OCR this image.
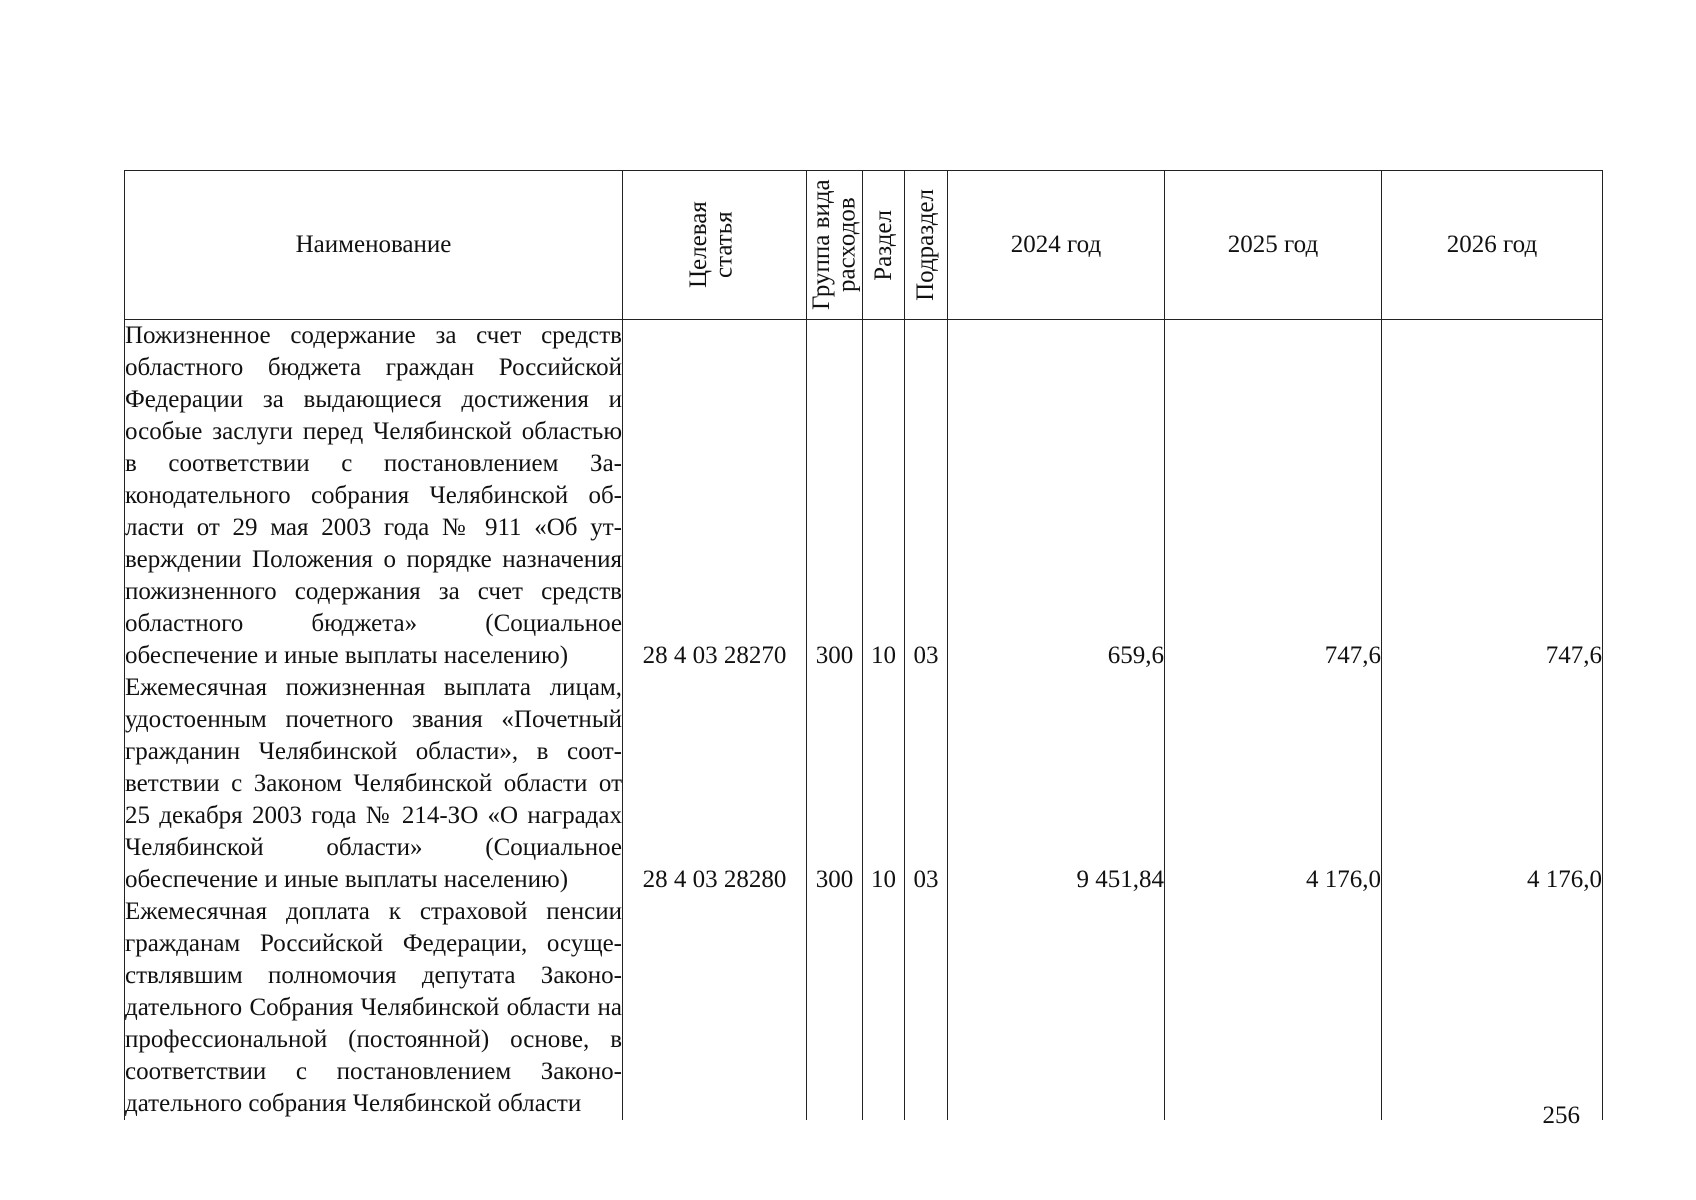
Наименование	Целевая статья	Группа вида расходов	Раздел	Подраздел	2024 год	2025 год	2026 год
Пожизненное содержание за счет средств областного бюджета граждан Российской Федерации за выдающиеся достижения и особые заслуги перед Челябинской областью в соответствии с постановлением Законодательного собрания Челябинской области от 29 мая 2003 года № 911 «Об утверждении Положения о порядке назначения пожизненного содержания за счет средств областного бюджета» (Социальное обеспечение и иные выплаты населению)	28 4 03 28270	300	10	03	659,6	747,6	747,6
Ежемесячная пожизненная выплата лицам, удостоенным почетного звания «Почетный гражданин Челябинской области», в соответствии с Законом Челябинской области от 25 декабря 2003 года № 214-ЗО «О наградах Челябинской области» (Социальное обеспечение и иные выплаты населению)	28 4 03 28280	300	10	03	9 451,84	4 176,0	4 176,0
Ежемесячная доплата к страховой пенсии гражданам Российской Федерации, осуществлявшим полномочия депутата Законодательного Собрания Челябинской области на профессиональной (постоянной) основе, в соответствии с постановлением Законодательного собрания Челябинской области								256
